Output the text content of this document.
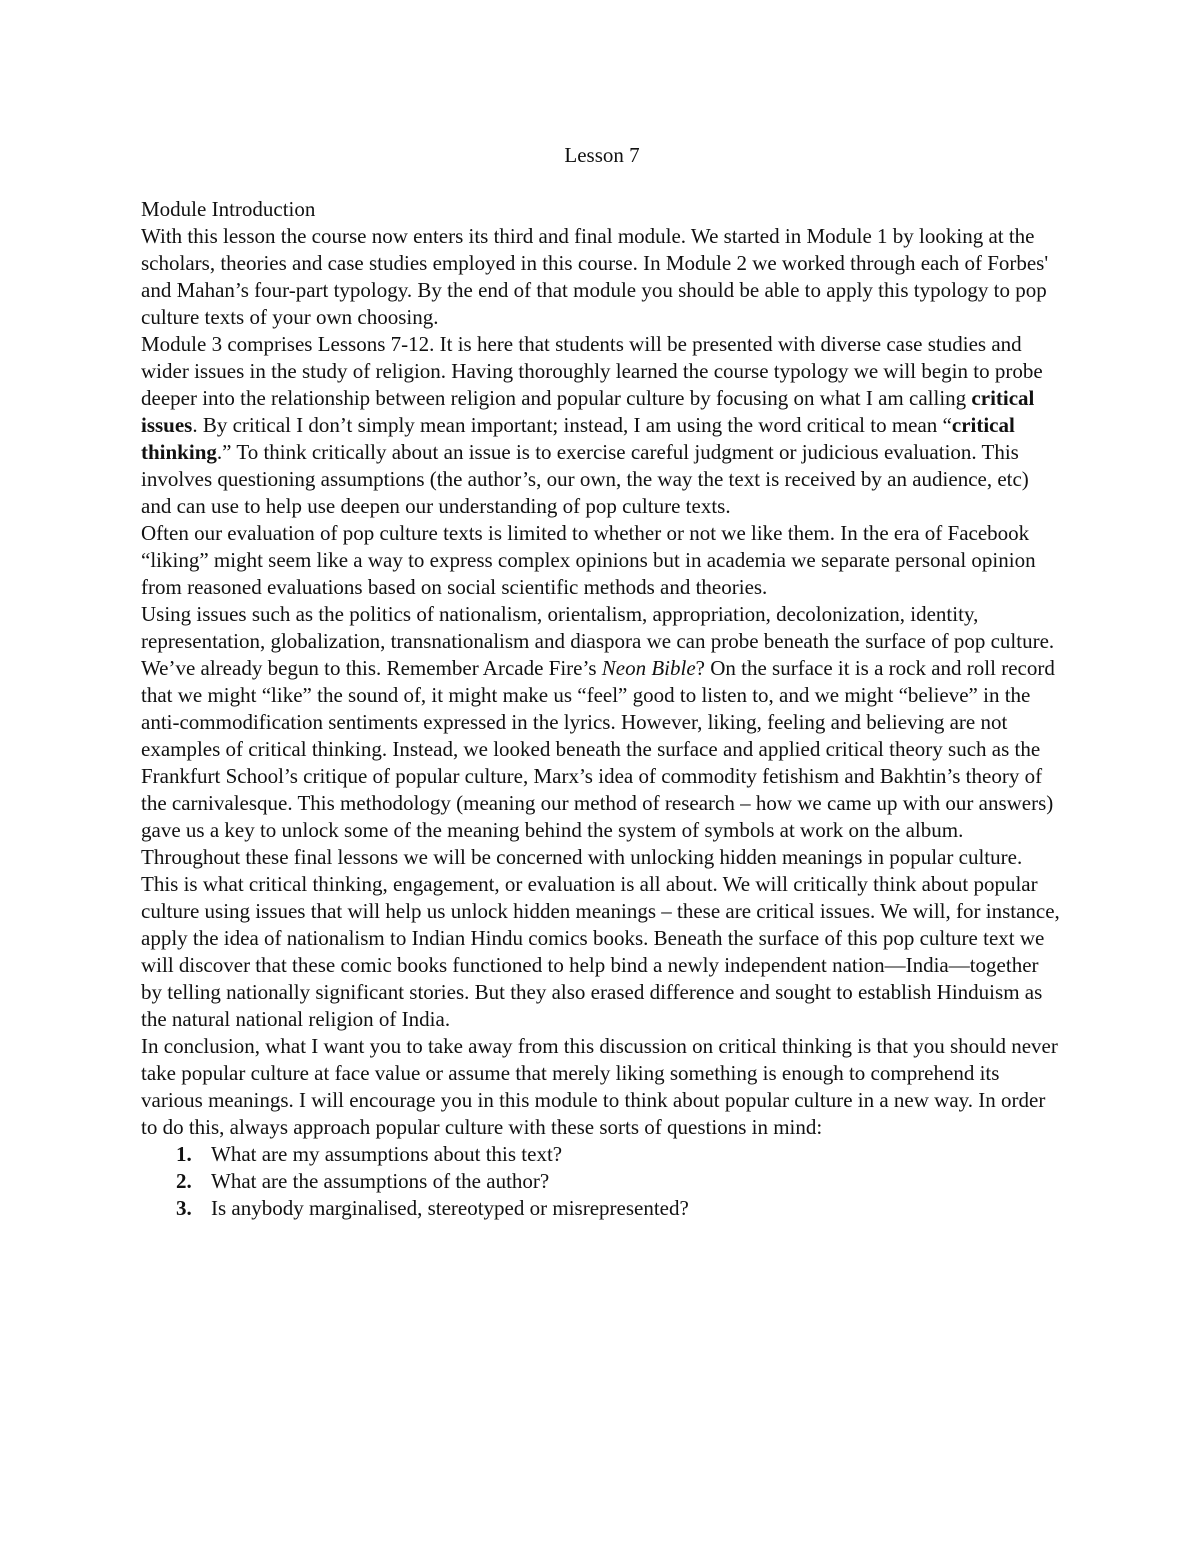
Lesson 7
Module Introduction

With this lesson the course now enters its third and final module. We started in Module 1 by looking at the scholars, theories and case studies employed in this course. In Module 2 we worked through each of Forbes' and Mahan’s four-part typology. By the end of that module you should be able to apply this typology to pop culture texts of your own choosing.

Module 3 comprises Lessons 7-12. It is here that students will be presented with diverse case studies and wider issues in the study of religion. Having thoroughly learned the course typology we will begin to probe deeper into the relationship between religion and popular culture by focusing on what I am calling critical issues. By critical I don’t simply mean important; instead, I am using the word critical to mean “critical thinking.” To think critically about an issue is to exercise careful judgment or judicious evaluation. This involves questioning assumptions (the author’s, our own, the way the text is received by an audience, etc) and can use to help use deepen our understanding of pop culture texts.

Often our evaluation of pop culture texts is limited to whether or not we like them. In the era of Facebook “liking” might seem like a way to express complex opinions but in academia we separate personal opinion from reasoned evaluations based on social scientific methods and theories.

Using issues such as the politics of nationalism, orientalism, appropriation, decolonization, identity, representation, globalization, transnationalism and diaspora we can probe beneath the surface of pop culture. We’ve already begun to this. Remember Arcade Fire’s Neon Bible? On the surface it is a rock and roll record that we might “like” the sound of, it might make us “feel” good to listen to, and we might “believe” in the anti-commodification sentiments expressed in the lyrics. However, liking, feeling and believing are not examples of critical thinking. Instead, we looked beneath the surface and applied critical theory such as the Frankfurt School’s critique of popular culture, Marx’s idea of commodity fetishism and Bakhtin’s theory of the carnivalesque. This methodology (meaning our method of research – how we came up with our answers) gave us a key to unlock some of the meaning behind the system of symbols at work on the album.

Throughout these final lessons we will be concerned with unlocking hidden meanings in popular culture. This is what critical thinking, engagement, or evaluation is all about. We will critically think about popular culture using issues that will help us unlock hidden meanings – these are critical issues. We will, for instance, apply the idea of nationalism to Indian Hindu comics books. Beneath the surface of this pop culture text we will discover that these comic books functioned to help bind a newly independent nation—India—together by telling nationally significant stories. But they also erased difference and sought to establish Hinduism as the natural national religion of India.

In conclusion, what I want you to take away from this discussion on critical thinking is that you should never take popular culture at face value or assume that merely liking something is enough to comprehend its various meanings. I will encourage you in this module to think about popular culture in a new way. In order to do this, always approach popular culture with these sorts of questions in mind:

1. What are my assumptions about this text?
2. What are the assumptions of the author?
3. Is anybody marginalised, stereotyped or misrepresented?
